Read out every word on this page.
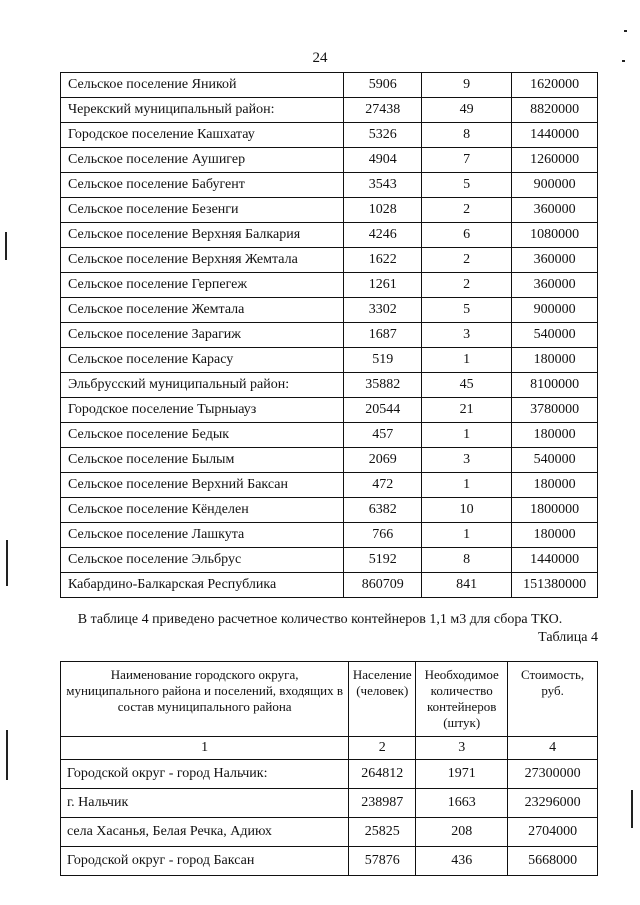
24
Сельское поселение Яникой	5906	9	1620000
Черекский муниципальный район:	27438	49	8820000
Городское поселение Кашхатау	5326	8	1440000
Сельское поселение Аушигер	4904	7	1260000
Сельское поселение Бабугент	3543	5	900000
Сельское поселение Безенги	1028	2	360000
Сельское поселение Верхняя Балкария	4246	6	1080000
Сельское поселение Верхняя Жемтала	1622	2	360000
Сельское поселение Герпегеж	1261	2	360000
Сельское поселение Жемтала	3302	5	900000
Сельское поселение Зарагиж	1687	3	540000
Сельское поселение Карасу	519	1	180000
Эльбрусский муниципальный район:	35882	45	8100000
Городское поселение Тырныауз	20544	21	3780000
Сельское поселение Бедык	457	1	180000
Сельское поселение Былым	2069	3	540000
Сельское поселение Верхний Баксан	472	1	180000
Сельское поселение Кёнделен	6382	10	1800000
Сельское поселение Лашкута	766	1	180000
Сельское поселение Эльбрус	5192	8	1440000
Кабардино-Балкарская Республика	860709	841	151380000
В таблице 4 приведено расчетное количество контейнеров 1,1 м3 для сбора ТКО.
Таблица 4
Наименование городского округа, муниципального района и поселений, входящих в состав муниципального района	Население (человек)	Необходимое количество контейнеров (штук)	Стоимость, руб.
1	2	3	4
Городской округ - город Нальчик:	264812	1971	27300000
г. Нальчик	238987	1663	23296000
села Хасанья, Белая Речка, Адиюх	25825	208	2704000
Городской округ - город Баксан	57876	436	5668000
